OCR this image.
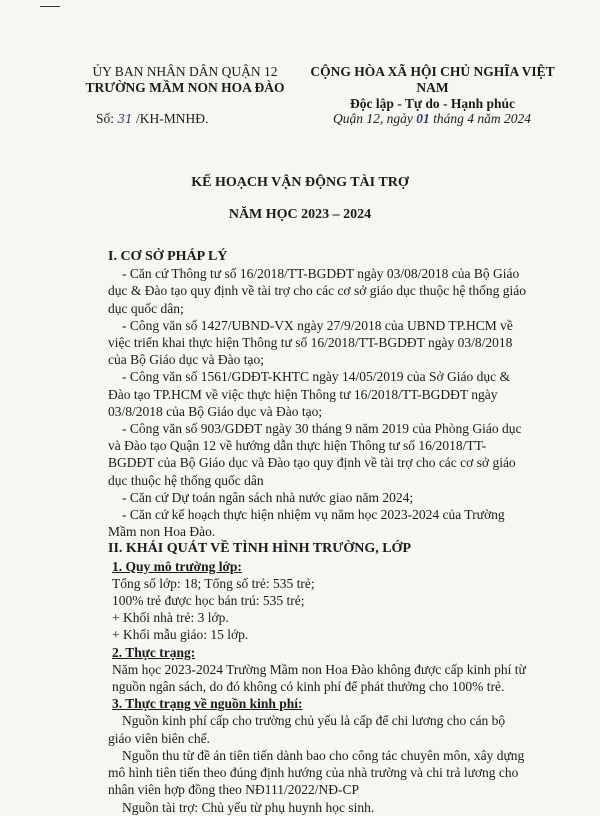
ỦY BAN NHÂN DÂN QUẬN 12
TRƯỜNG MẦM NON HOA ĐÀO
CỘNG HÒA XÃ HỘI CHỦ NGHĨA VIỆT NAM
Độc lập - Tự do - Hạnh phúc
Số: 31 /KH-MNHĐ.	Quận 12, ngày 01 tháng 4 năm 2024
KẾ HOẠCH VẬN ĐỘNG TÀI TRỢ
NĂM HỌC 2023 – 2024

I. CƠ SỞ PHÁP LÝ

- Căn cứ Thông tư số 16/2018/TT-BGDĐT ngày 03/08/2018 của Bộ Giáo dục & Đào tạo quy định về tài trợ cho các cơ sở giáo dục thuộc hệ thống giáo dục quốc dân;

- Công văn số 1427/UBND-VX ngày 27/9/2018 của UBND TP.HCM về việc triển khai thực hiện Thông tư số 16/2018/TT-BGDĐT ngày 03/8/2018 của Bộ Giáo dục và Đào tạo;

- Công văn số 1561/GDĐT-KHTC ngày 14/05/2019 của Sở Giáo dục & Đào tạo TP.HCM về việc thực hiện Thông tư 16/2018/TT-BGDĐT ngày 03/8/2018 của Bộ Giáo dục và Đào tạo;

- Công văn số 903/GDĐT ngày 30 tháng 9 năm 2019 của Phòng Giáo dục và Đào tạo Quận 12 về hướng dẫn thực hiện Thông tư số 16/2018/TT-BGDĐT của Bộ Giáo dục và Đào tạo quy định về tài trợ cho các cơ sở giáo dục thuộc hệ thống quốc dân

- Căn cứ Dự toán ngân sách nhà nước giao năm 2024;

- Căn cứ kế hoạch thực hiện nhiệm vụ năm học 2023-2024 của Trường Mầm non Hoa Đào.

II. KHÁI QUÁT VỀ TÌNH HÌNH TRƯỜNG, LỚP

1. Quy mô trường lớp:

Tổng số lớp: 18; Tổng số trẻ: 535 trẻ;

100% trẻ được học bán trú: 535 trẻ;

+ Khối nhà trẻ: 3 lớp.

+ Khối mẫu giáo: 15 lớp.

2. Thực trạng:

Năm học 2023-2024 Trường Mầm non Hoa Đào không được cấp kinh phí từ nguồn ngân sách, do đó không có kinh phí để phát thưởng cho 100% trẻ.

3. Thực trạng về nguồn kinh phí:

Nguồn kinh phí cấp cho trường chủ yếu là cấp để chi lương cho cán bộ giáo viên biên chế.

Nguồn thu từ đề án tiên tiến dành bao cho công tác chuyên môn, xây dựng mô hình tiên tiến theo đúng định hướng của nhà trường và chi trả lương cho nhân viên hợp đồng theo NĐ111/2022/NĐ-CP

Nguồn tài trợ: Chủ yếu từ phụ huynh học sinh.
